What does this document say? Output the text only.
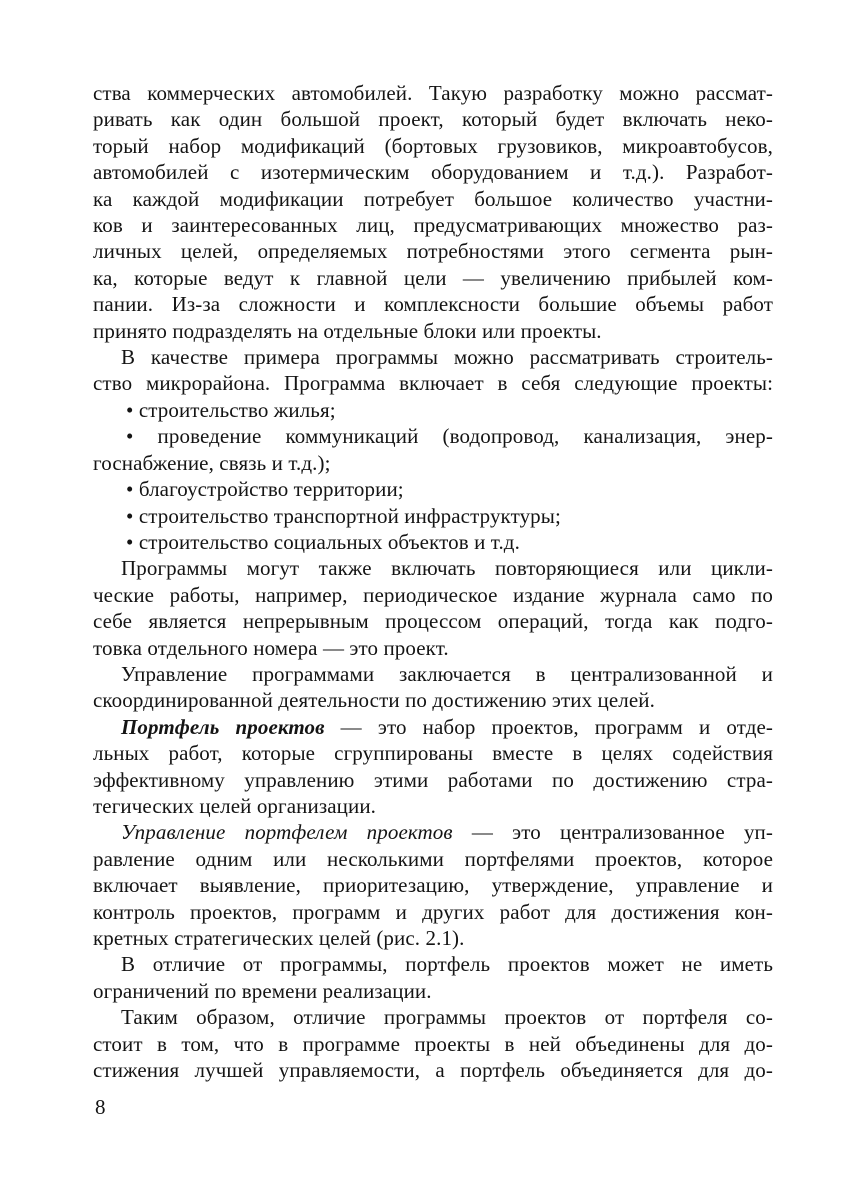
ства коммерческих автомобилей. Такую разработку можно рассмат-
ривать как один большой проект, который будет включать неко-
торый набор модификаций (бортовых грузовиков, микроавтобусов,
автомобилей с изотермическим оборудованием и т.д.). Разработ-
ка каждой модификации потребует большое количество участни-
ков и заинтересованных лиц, предусматривающих множество раз-
личных целей, определяемых потребностями этого сегмента рын-
ка, которые ведут к главной цели — увеличению прибылей ком-
пании. Из-за сложности и комплексности большие объемы работ
принято подразделять на отдельные блоки или проекты.
В качестве примера программы можно рассматривать строитель-
ство микрорайона. Программа включает в себя следующие проекты:
• строительство жилья;
• проведение коммуникаций (водопровод, канализация, энер-
госнабжение, связь и т.д.);
• благоустройство территории;
• строительство транспортной инфраструктуры;
• строительство социальных объектов и т.д.
Программы могут также включать повторяющиеся или цикли-
ческие работы, например, периодическое издание журнала само по
себе является непрерывным процессом операций, тогда как подго-
товка отдельного номера — это проект.
Управление программами заключается в централизованной и
скоординированной деятельности по достижению этих целей.
Портфель проектов — это набор проектов, программ и отде-
льных работ, которые сгруппированы вместе в целях содействия
эффективному управлению этими работами по достижению стра-
тегических целей организации.
Управление портфелем проектов — это централизованное уп-
равление одним или несколькими портфелями проектов, которое
включает выявление, приоритезацию, утверждение, управление и
контроль проектов, программ и других работ для достижения кон-
кретных стратегических целей (рис. 2.1).
В отличие от программы, портфель проектов может не иметь
ограничений по времени реализации.
Таким образом, отличие программы проектов от портфеля со-
стоит в том, что в программе проекты в ней объединены для до-
стижения лучшей управляемости, а портфель объединяется для до-
8
